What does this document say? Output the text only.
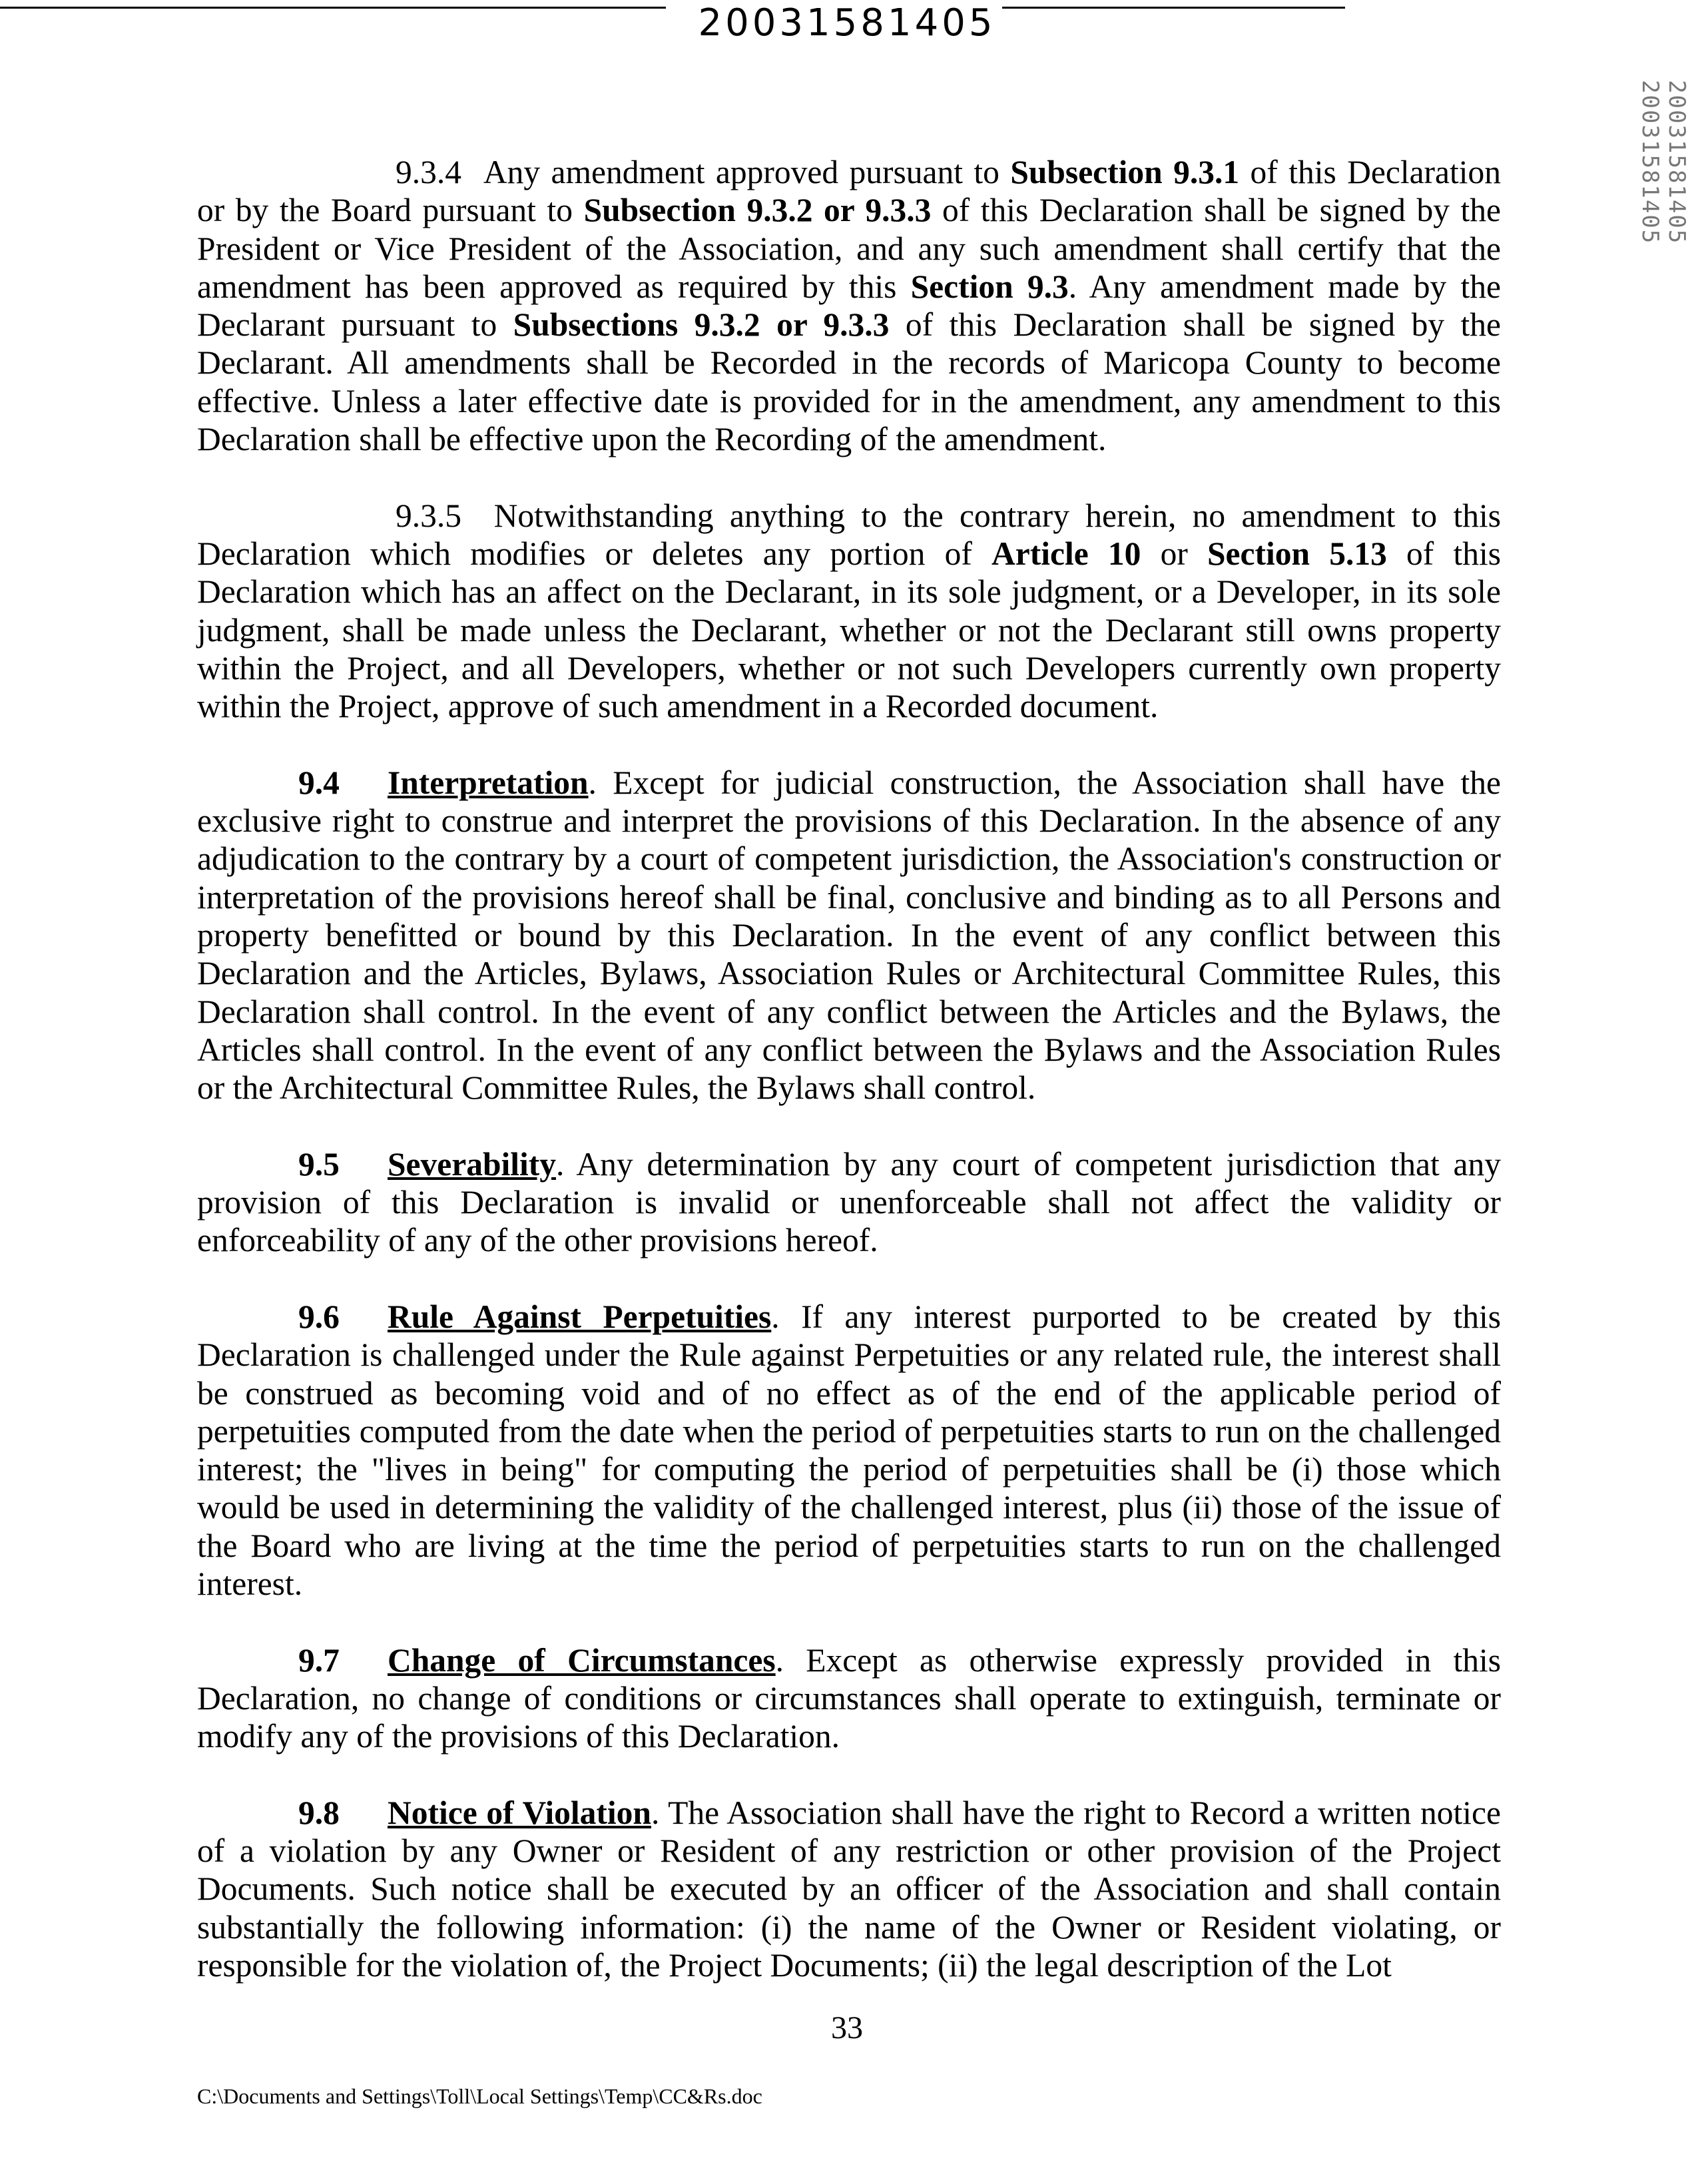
20031581405
20031581405 20031581405

9.3.4 Any amendment approved pursuant to Subsection 9.3.1 of this Declaration or by the Board pursuant to Subsection 9.3.2 or 9.3.3 of this Declaration shall be signed by the President or Vice President of the Association, and any such amendment shall certify that the amendment has been approved as required by this Section 9.3. Any amendment made by the Declarant pursuant to Subsections 9.3.2 or 9.3.3 of this Declaration shall be signed by the Declarant. All amendments shall be Recorded in the records of Maricopa County to become effective. Unless a later effective date is provided for in the amendment, any amendment to this Declaration shall be effective upon the Recording of the amendment.

9.3.5 Notwithstanding anything to the contrary herein, no amendment to this Declaration which modifies or deletes any portion of Article 10 or Section 5.13 of this Declaration which has an affect on the Declarant, in its sole judgment, or a Developer, in its sole judgment, shall be made unless the Declarant, whether or not the Declarant still owns property within the Project, and all Developers, whether or not such Developers currently own property within the Project, approve of such amendment in a Recorded document.

9.4 Interpretation. Except for judicial construction, the Association shall have the exclusive right to construe and interpret the provisions of this Declaration. In the absence of any adjudication to the contrary by a court of competent jurisdiction, the Association's construction or interpretation of the provisions hereof shall be final, conclusive and binding as to all Persons and property benefitted or bound by this Declaration. In the event of any conflict between this Declaration and the Articles, Bylaws, Association Rules or Architectural Committee Rules, this Declaration shall control. In the event of any conflict between the Articles and the Bylaws, the Articles shall control. In the event of any conflict between the Bylaws and the Association Rules or the Architectural Committee Rules, the Bylaws shall control.

9.5 Severability. Any determination by any court of competent jurisdiction that any provision of this Declaration is invalid or unenforceable shall not affect the validity or enforceability of any of the other provisions hereof.

9.6 Rule Against Perpetuities. If any interest purported to be created by this Declaration is challenged under the Rule against Perpetuities or any related rule, the interest shall be construed as becoming void and of no effect as of the end of the applicable period of perpetuities computed from the date when the period of perpetuities starts to run on the challenged interest; the "lives in being" for computing the period of perpetuities shall be (i) those which would be used in determining the validity of the challenged interest, plus (ii) those of the issue of the Board who are living at the time the period of perpetuities starts to run on the challenged interest.

9.7 Change of Circumstances. Except as otherwise expressly provided in this Declaration, no change of conditions or circumstances shall operate to extinguish, terminate or modify any of the provisions of this Declaration.

9.8 Notice of Violation. The Association shall have the right to Record a written notice of a violation by any Owner or Resident of any restriction or other provision of the Project Documents. Such notice shall be executed by an officer of the Association and shall contain substantially the following information: (i) the name of the Owner or Resident violating, or responsible for the violation of, the Project Documents; (ii) the legal description of the Lot

33
C:\Documents and Settings\Toll\Local Settings\Temp\CC&Rs.doc
